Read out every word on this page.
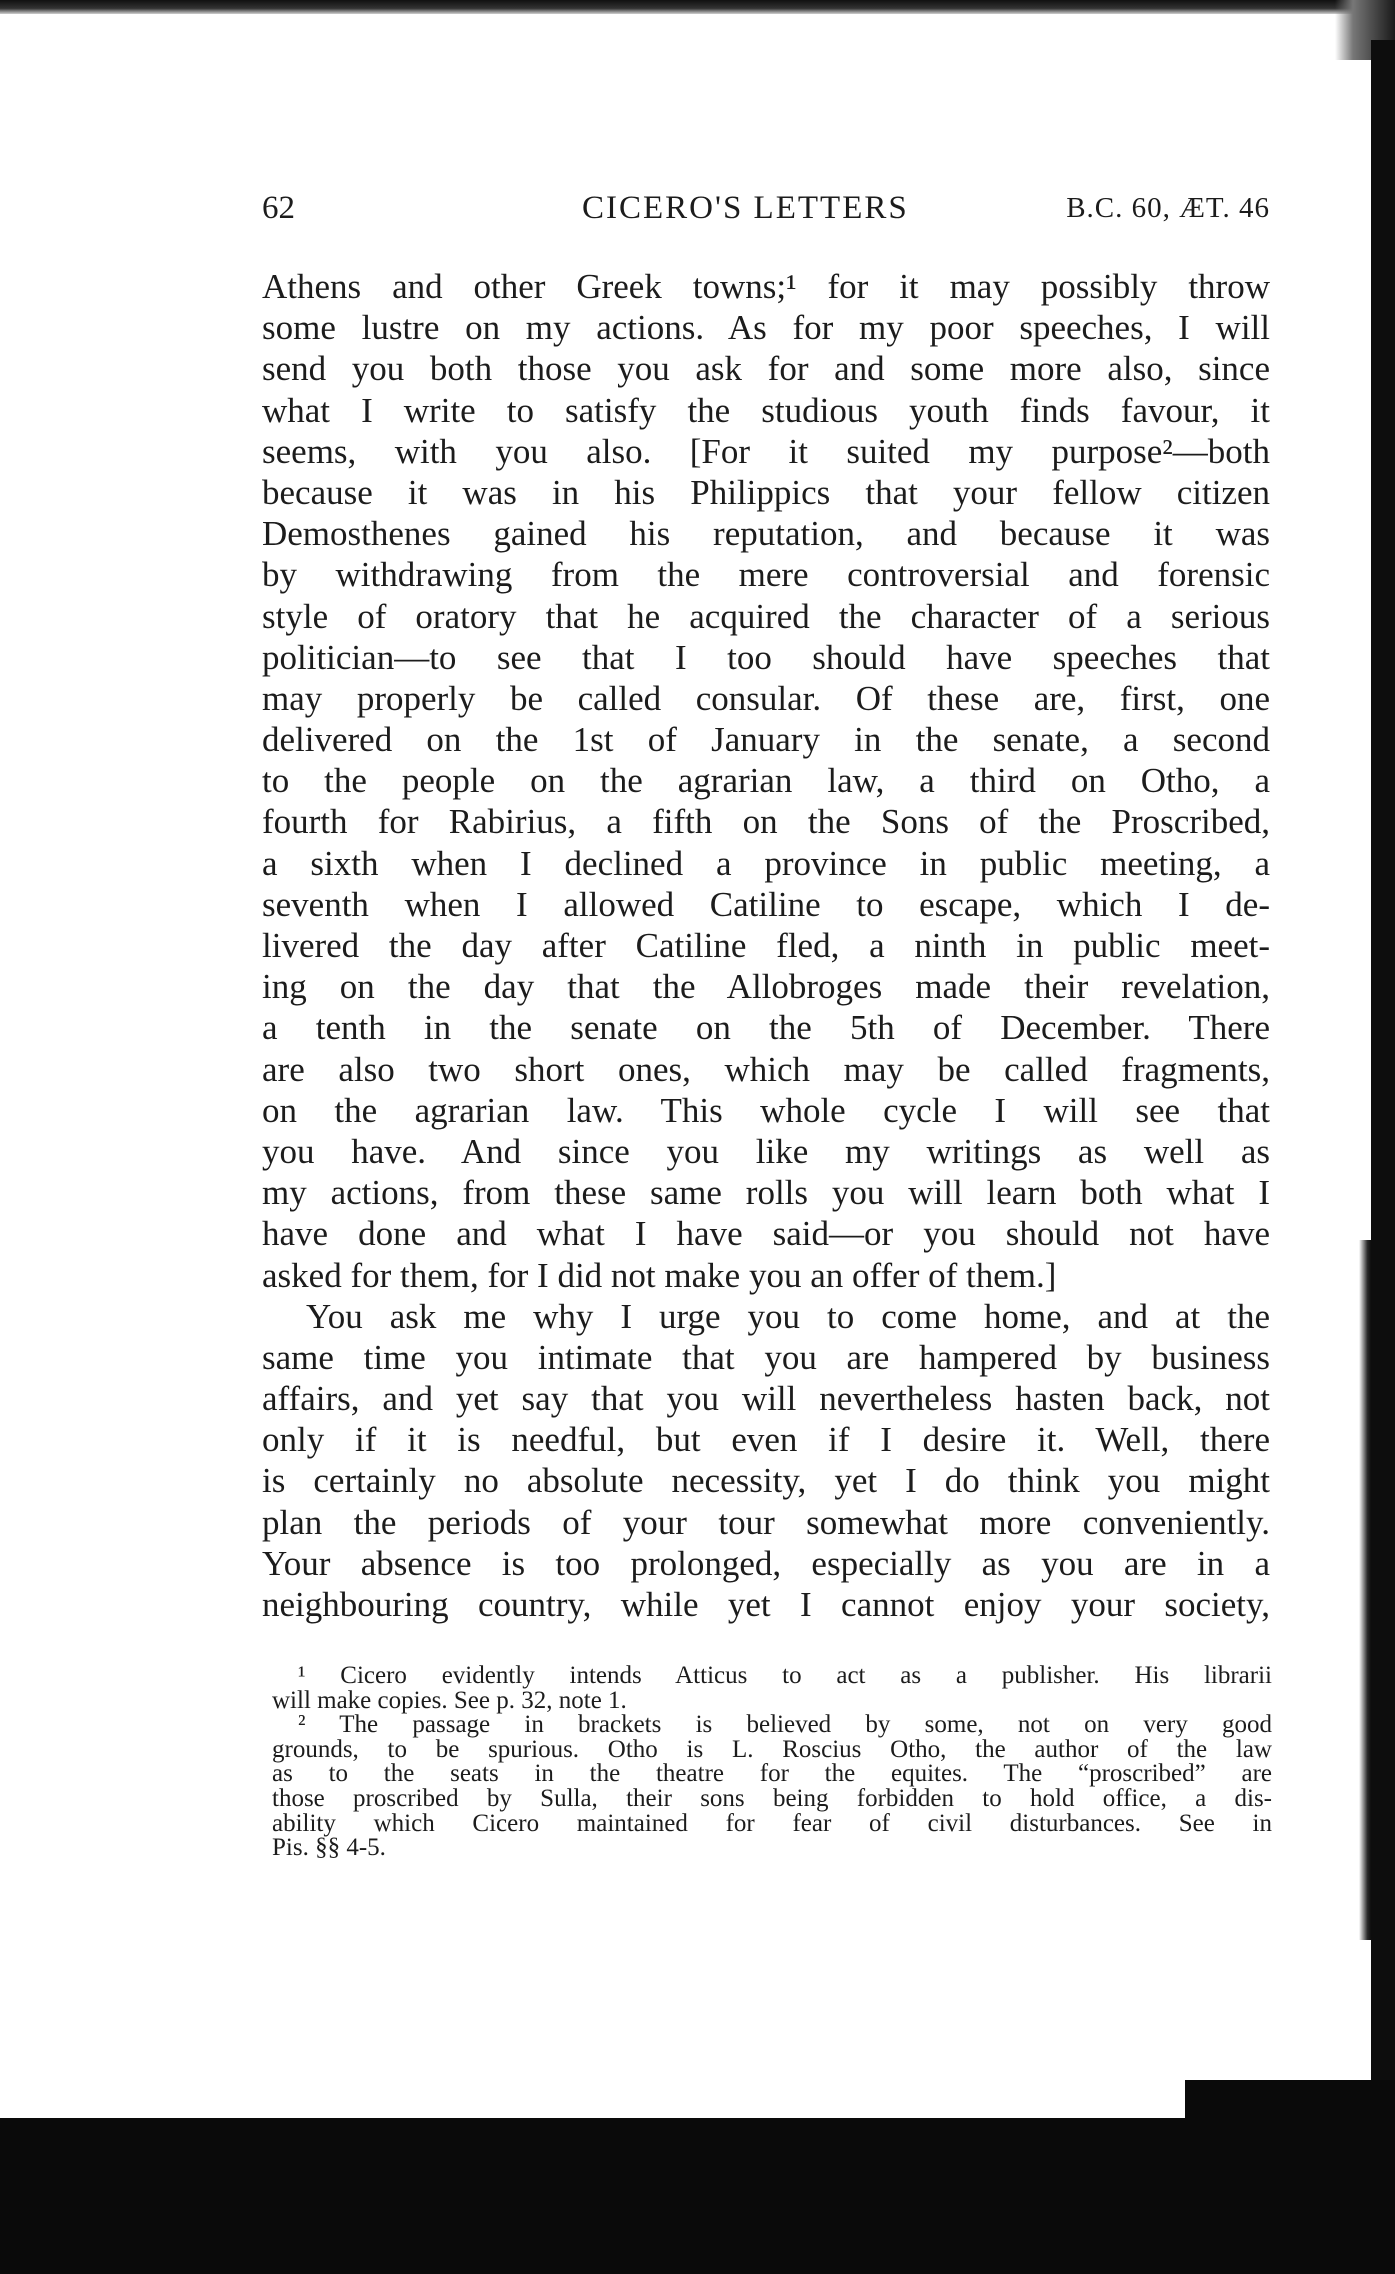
62	CICERO'S LETTERS	B.C. 60, ÆT. 46
Athens and other Greek towns;¹ for it may possibly throw
some lustre on my actions. As for my poor speeches, I will
send you both those you ask for and some more also, since
what I write to satisfy the studious youth finds favour, it
seems, with you also. [For it suited my purpose²—both
because it was in his Philippics that your fellow citizen
Demosthenes gained his reputation, and because it was
by withdrawing from the mere controversial and forensic
style of oratory that he acquired the character of a serious
politician—to see that I too should have speeches that
may properly be called consular. Of these are, first, one
delivered on the 1st of January in the senate, a second
to the people on the agrarian law, a third on Otho, a
fourth for Rabirius, a fifth on the Sons of the Proscribed,
a sixth when I declined a province in public meeting, a
seventh when I allowed Catiline to escape, which I de-
livered the day after Catiline fled, a ninth in public meet-
ing on the day that the Allobroges made their revelation,
a tenth in the senate on the 5th of December. There
are also two short ones, which may be called fragments,
on the agrarian law. This whole cycle I will see that
you have. And since you like my writings as well as
my actions, from these same rolls you will learn both what I
have done and what I have said—or you should not have
asked for them, for I did not make you an offer of them.]
You ask me why I urge you to come home, and at the
same time you intimate that you are hampered by business
affairs, and yet say that you will nevertheless hasten back, not
only if it is needful, but even if I desire it. Well, there
is certainly no absolute necessity, yet I do think you might
plan the periods of your tour somewhat more conveniently.
Your absence is too prolonged, especially as you are in a
neighbouring country, while yet I cannot enjoy your society,
¹ Cicero evidently intends Atticus to act as a publisher. His librarii
will make copies. See p. 32, note 1.
² The passage in brackets is believed by some, not on very good
grounds, to be spurious. Otho is L. Roscius Otho, the author of the law
as to the seats in the theatre for the equites. The “proscribed” are
those proscribed by Sulla, their sons being forbidden to hold office, a dis-
ability which Cicero maintained for fear of civil disturbances. See in
Pis. §§ 4-5.
